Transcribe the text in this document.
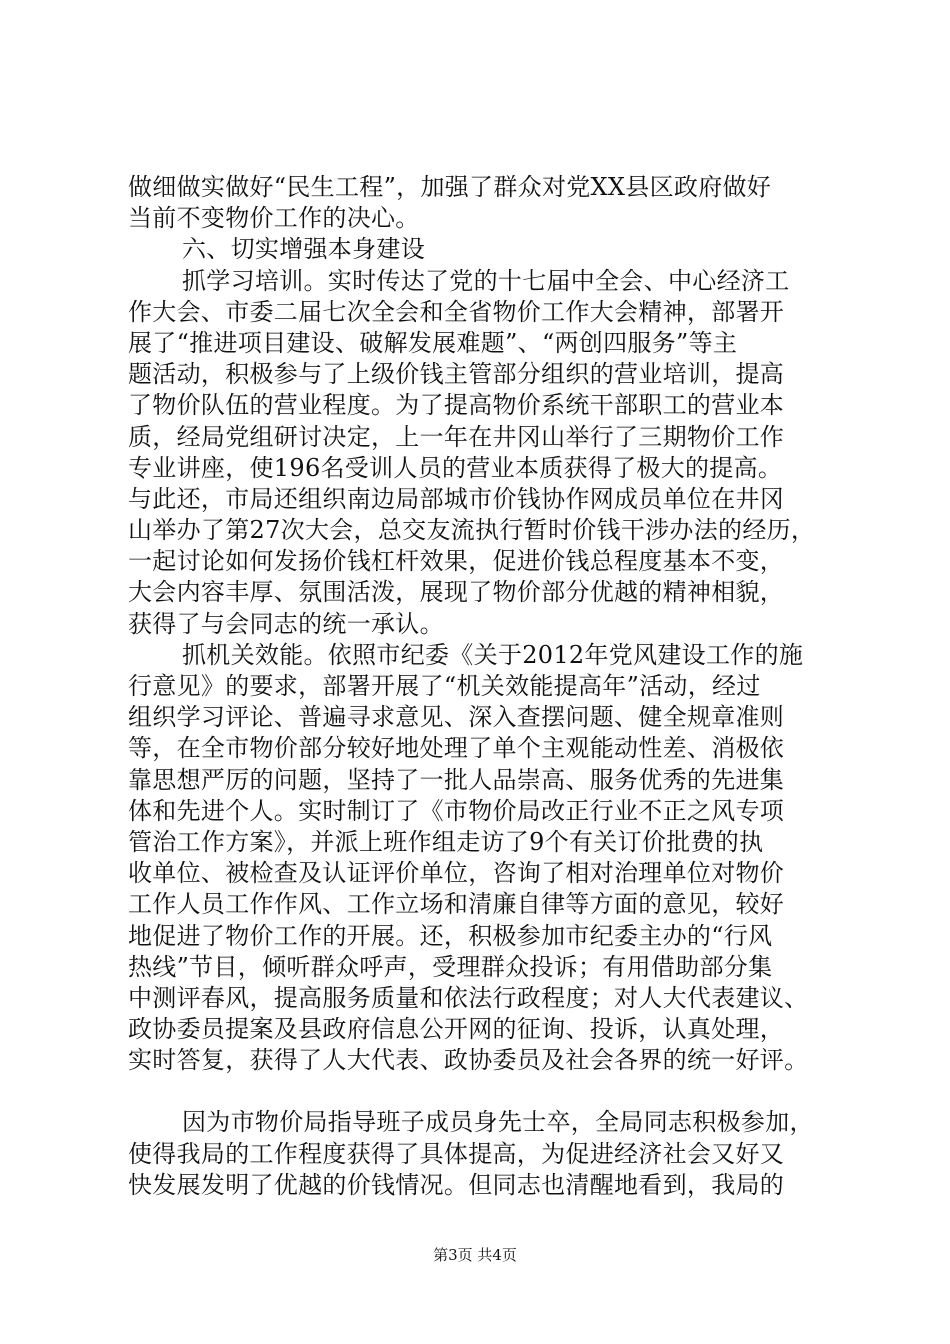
做细做实做好“民生工程”，加强了群众对党XX县区政府做好
当前不变物价工作的决心。
六、切实增强本身建设
抓学习培训。实时传达了党的十七届中全会、中心经济工
作大会、市委二届七次全会和全省物价工作大会精神，部署开
展了“推进项目建设、破解发展难题”、“两创四服务”等主
题活动，积极参与了上级价钱主管部分组织的营业培训，提高
了物价队伍的营业程度。为了提高物价系统干部职工的营业本
质，经局党组研讨决定，上一年在井冈山举行了三期物价工作
专业讲座，使196名受训人员的营业本质获得了极大的提高。
与此还，市局还组织南边局部城市价钱协作网成员单位在井冈
山举办了第27次大会，总交友流执行暂时价钱干涉办法的经历，
一起讨论如何发扬价钱杠杆效果，促进价钱总程度基本不变，
大会内容丰厚、氛围活泼，展现了物价部分优越的精神相貌，
获得了与会同志的统一承认。
抓机关效能。依照市纪委《关于2012年党风建设工作的施
行意见》的要求，部署开展了“机关效能提高年”活动，经过
组织学习评论、普遍寻求意见、深入查摆问题、健全规章准则
等，在全市物价部分较好地处理了单个主观能动性差、消极依
靠思想严厉的问题，坚持了一批人品崇高、服务优秀的先进集
体和先进个人。实时制订了《市物价局改正行业不正之风专项
管治工作方案》，并派上班作组走访了9个有关订价批费的执
收单位、被检查及认证评价单位，咨询了相对治理单位对物价
工作人员工作作风、工作立场和清廉自律等方面的意见，较好
地促进了物价工作的开展。还，积极参加市纪委主办的“行风
热线”节目，倾听群众呼声，受理群众投诉；有用借助部分集
中测评春风，提高服务质量和依法行政程度；对人大代表建议、
政协委员提案及县政府信息公开网的征询、投诉，认真处理，
实时答复，获得了人大代表、政协委员及社会各界的统一好评。
因为市物价局指导班子成员身先士卒，全局同志积极参加，
使得我局的工作程度获得了具体提高，为促进经济社会又好又
快发展发明了优越的价钱情况。但同志也清醒地看到，我局的
第3页 共4页
